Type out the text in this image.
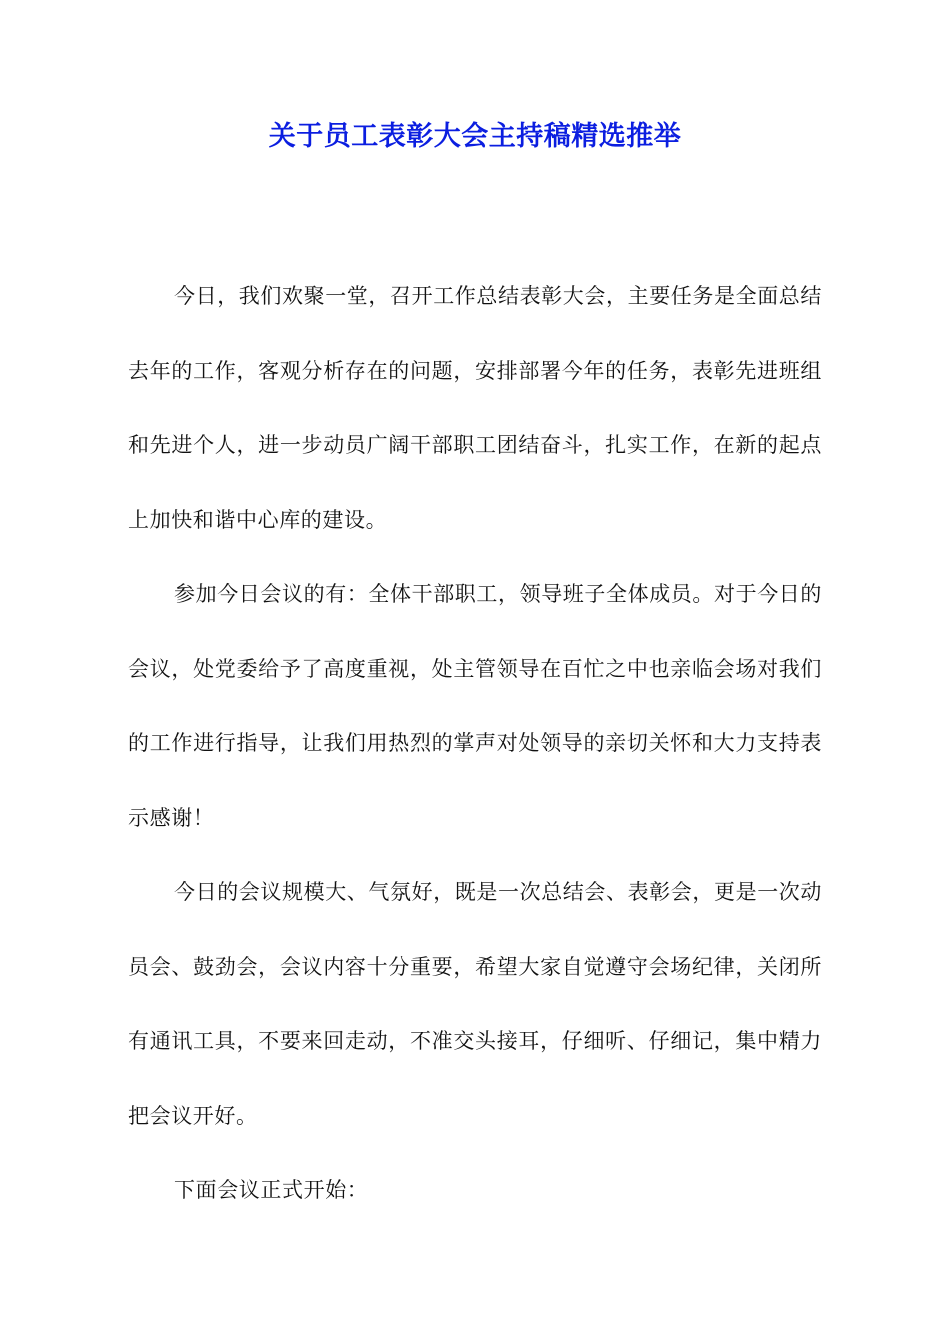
关于员工表彰大会主持稿精选推举

今日，我们欢聚一堂，召开工作总结表彰大会，主要任务是全面总结去年的工作，客观分析存在的问题，安排部署今年的任务，表彰先进班组和先进个人，进一步动员广阔干部职工团结奋斗，扎实工作，在新的起点上加快和谐中心库的建设。

参加今日会议的有：全体干部职工，领导班子全体成员。对于今日的会议，处党委给予了高度重视，处主管领导在百忙之中也亲临会场对我们的工作进行指导，让我们用热烈的掌声对处领导的亲切关怀和大力支持表示感谢！

今日的会议规模大、气氛好，既是一次总结会、表彰会，更是一次动员会、鼓劲会，会议内容十分重要，希望大家自觉遵守会场纪律，关闭所有通讯工具，不要来回走动，不准交头接耳，仔细听、仔细记，集中精力把会议开好。

下面会议正式开始：
